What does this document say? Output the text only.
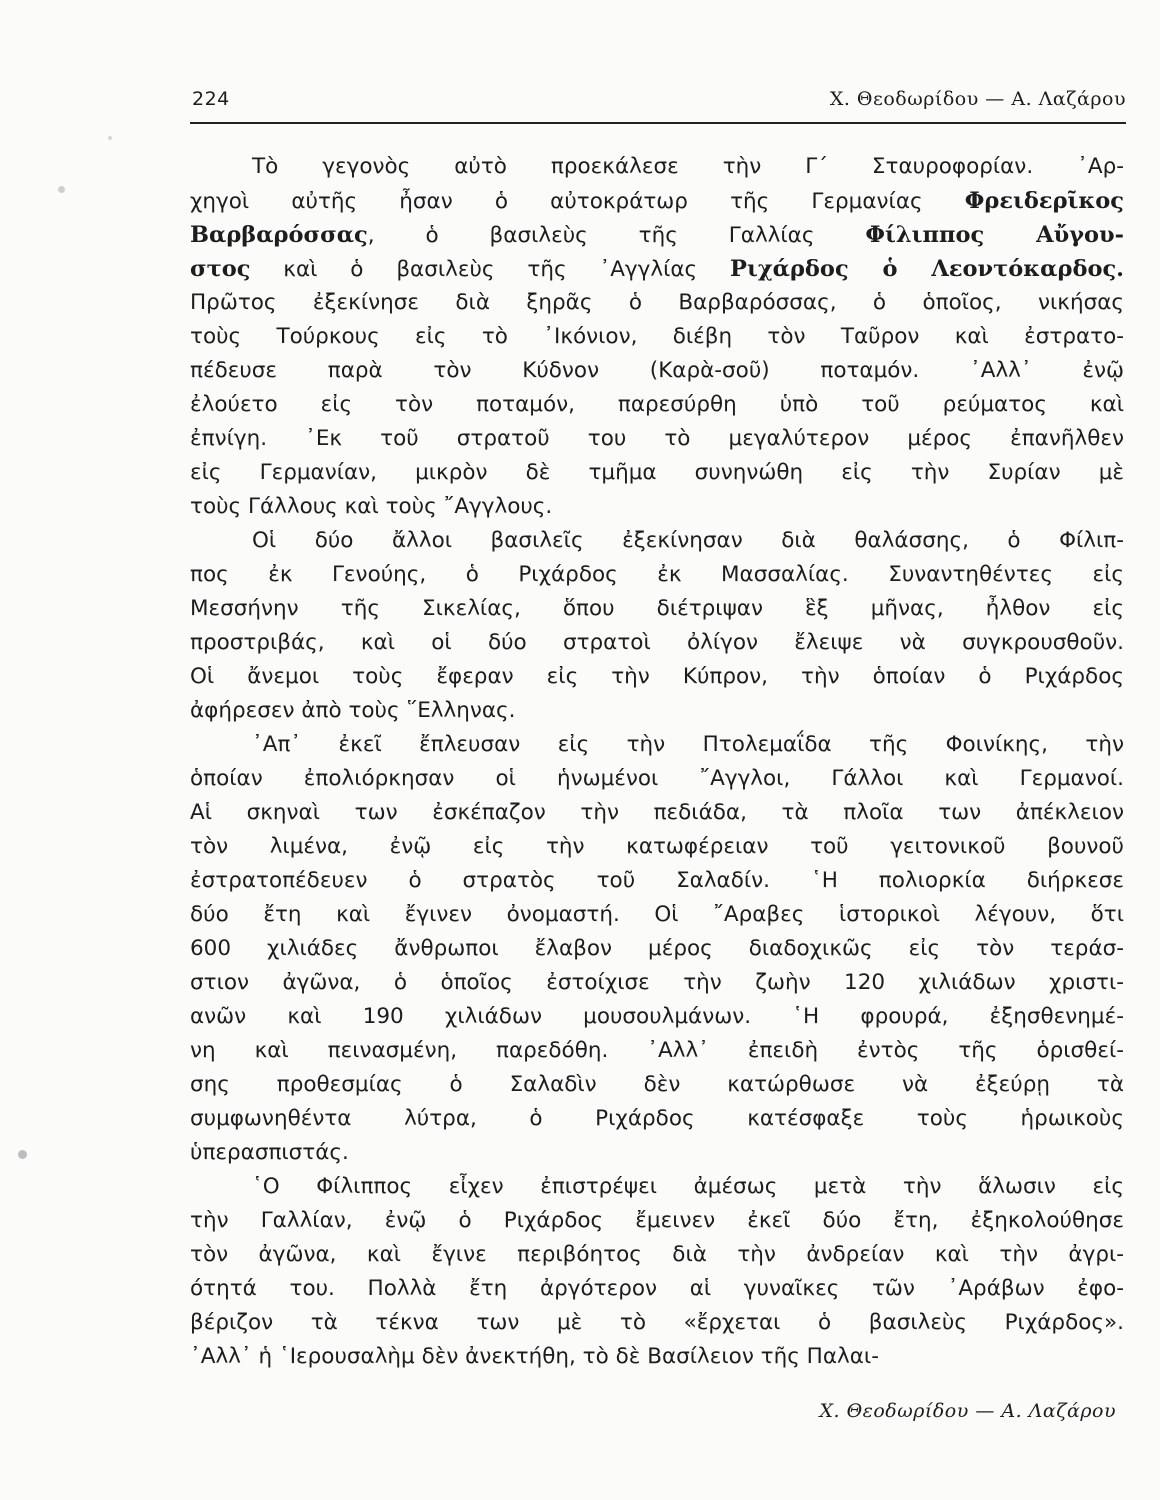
224	Χ. Θεοδωρίδου — Α. Λαζάρου
Τὸ γεγονὸς αὐτὸ προεκάλεσε τὴν Γ΄ Σταυροφορίαν. ᾿Αρ-
χηγοὶ αὐτῆς ἦσαν ὁ αὐτοκράτωρ τῆς Γερμανίας Φρειδερῖκος
Βαρβαρόσσας, ὁ βασιλεὺς τῆς Γαλλίας Φίλιππος Αὔγου-
στος καὶ ὁ βασιλεὺς τῆς ᾿Αγγλίας Ριχάρδος ὁ Λεοντόκαρδος.
Πρῶτος ἐξεκίνησε διὰ ξηρᾶς ὁ Βαρβαρόσσας, ὁ ὁποῖος, νικήσας
τοὺς Τούρκους εἰς τὸ ᾿Ικόνιον, διέβη τὸν Ταῦρον καὶ ἐστρατο-
πέδευσε παρὰ τὸν Κύδνον (Καρὰ-σοῦ) ποταμόν. ᾿Αλλ᾿ ἐνῷ
ἐλούετο εἰς τὸν ποταμόν, παρεσύρθη ὑπὸ τοῦ ρεύματος καὶ
ἐπνίγη. ᾿Εκ τοῦ στρατοῦ του τὸ μεγαλύτερον μέρος ἐπανῆλθεν
εἰς Γερμανίαν, μικρὸν δὲ τμῆμα συνηνώθη εἰς τὴν Συρίαν μὲ
τοὺς Γάλλους καὶ τοὺς ῎Αγγλους.
Οἱ δύο ἄλλοι βασιλεῖς ἐξεκίνησαν διὰ θαλάσσης, ὁ Φίλιπ-
πος ἐκ Γενούης, ὁ Ριχάρδος ἐκ Μασσαλίας. Συναντηθέντες εἰς
Μεσσήνην τῆς Σικελίας, ὅπου διέτριψαν ἓξ μῆνας, ἦλθον εἰς
προστριβάς, καὶ οἱ δύο στρατοὶ ὀλίγον ἔλειψε νὰ συγκρουσθοῦν.
Οἱ ἄνεμοι τοὺς ἔφεραν εἰς τὴν Κύπρον, τὴν ὁποίαν ὁ Ριχάρδος
ἀφήρεσεν ἀπὸ τοὺς ῞Ελληνας.
᾿Απ᾿ ἐκεῖ ἔπλευσαν εἰς τὴν Πτολεμαΐδα τῆς Φοινίκης, τὴν
ὁποίαν ἐπολιόρκησαν οἱ ἡνωμένοι ῎Αγγλοι, Γάλλοι καὶ Γερμανοί.
Αἱ σκηναὶ των ἐσκέπαζον τὴν πεδιάδα, τὰ πλοῖα των ἀπέκλειον
τὸν λιμένα, ἐνῷ εἰς τὴν κατωφέρειαν τοῦ γειτονικοῦ βουνοῦ
ἐστρατοπέδευεν ὁ στρατὸς τοῦ Σαλαδίν. ῾Η πολιορκία διήρκεσε
δύο ἔτη καὶ ἔγινεν ὀνομαστή. Οἱ ῎Αραβες ἱστορικοὶ λέγουν, ὅτι
600 χιλιάδες ἄνθρωποι ἔλαβον μέρος διαδοχικῶς εἰς τὸν τεράσ-
στιον ἀγῶνα, ὁ ὁποῖος ἐστοίχισε τὴν ζωὴν 120 χιλιάδων χριστι-
ανῶν καὶ 190 χιλιάδων μουσουλμάνων. ῾Η φρουρά, ἐξησθενημέ-
νη καὶ πεινασμένη, παρεδόθη. ᾿Αλλ᾿ ἐπειδὴ ἐντὸς τῆς ὁρισθεί-
σης προθεσμίας ὁ Σαλαδὶν δὲν κατώρθωσε νὰ ἐξεύρῃ τὰ
συμφωνηθέντα λύτρα, ὁ Ριχάρδος κατέσφαξε τοὺς ἡρωικοὺς
ὑπερασπιστάς.
῾Ο Φίλιππος εἶχεν ἐπιστρέψει ἀμέσως μετὰ τὴν ἅλωσιν εἰς
τὴν Γαλλίαν, ἐνῷ ὁ Ριχάρδος ἔμεινεν ἐκεῖ δύο ἔτη, ἐξηκολούθησε
τὸν ἀγῶνα, καὶ ἔγινε περιβόητος διὰ τὴν ἀνδρείαν καὶ τὴν ἀγρι-
ότητά του. Πολλὰ ἔτη ἀργότερον αἱ γυναῖκες τῶν ᾿Αράβων ἐφο-
βέριζον τὰ τέκνα των μὲ τὸ «ἔρχεται ὁ βασιλεὺς Ριχάρδος».
᾿Αλλ᾿ ἡ ῾Ιερουσαλὴμ δὲν ἀνεκτήθη, τὸ δὲ Βασίλειον τῆς Παλαι-
Χ. Θεοδωρίδου — Α. Λαζάρου
